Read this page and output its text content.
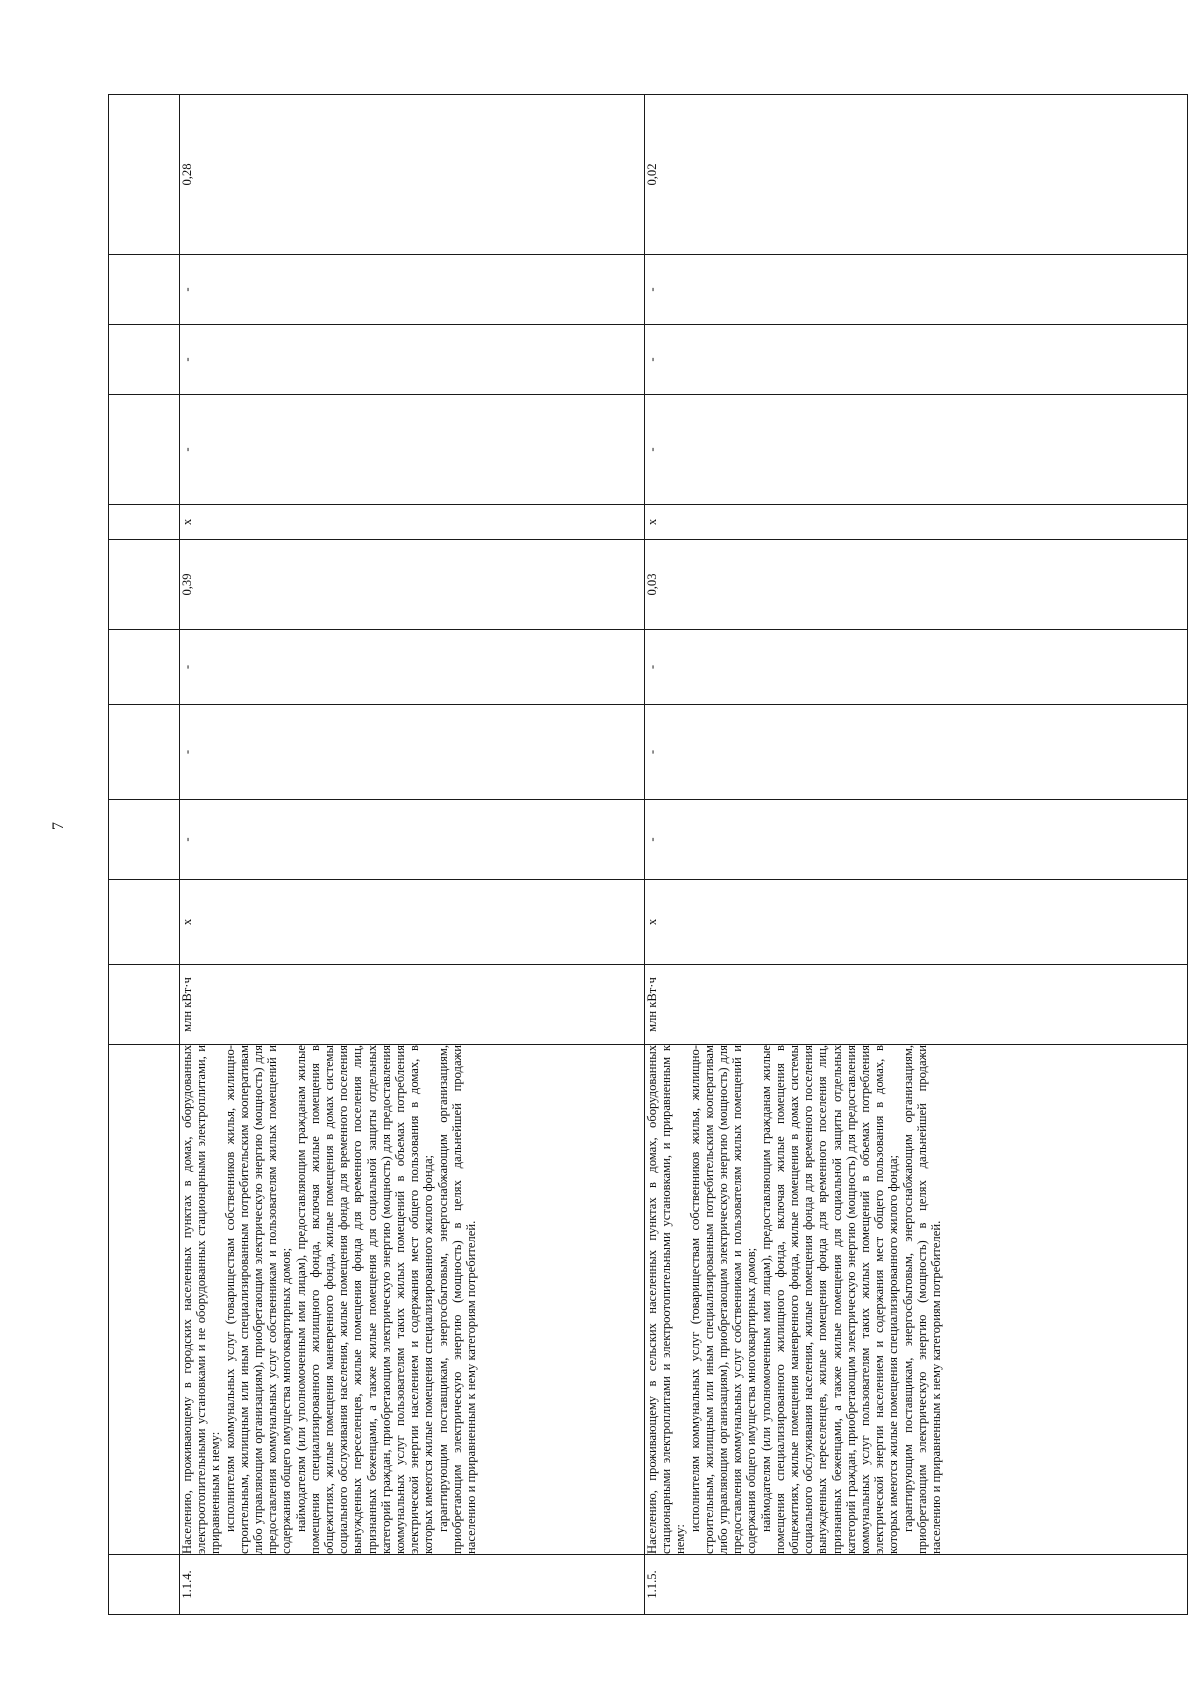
7

1.1.4.	Населению, проживающему в городских населенных пунктах в домах, оборудованных электроотопительными установками и не оборудованных стационарными электроплитами, и приравненным к нему: исполнителям коммунальных услуг (товариществам собственников жилья, жилищно-строительным, жилищным или иным специализированным потребительским кооперативам либо управляющим организациям), приобретающим электрическую энергию (мощность) для предоставления коммунальных услуг собственникам и пользователям жилых помещений и содержания общего имущества многоквартирных домов; наймодателям (или уполномоченным ими лицам), предоставляющим гражданам жилые помещения специализированного жилищного фонда, включая жилые помещения в общежитиях, жилые помещения маневренного фонда, жилые помещения в домах системы социального обслуживания населения, жилые помещения фонда для временного поселения вынужденных переселенцев, жилые помещения фонда для временного поселения лиц, признанных беженцами, а также жилые помещения для социальной защиты отдельных категорий граждан, приобретающим электрическую энергию (мощность) для предоставления коммунальных услуг пользователям таких жилых помещений в объемах потребления электрической энергии населением и содержания мест общего пользования в домах, в которых имеются жилые помещения специализированного жилого фонда; гарантирующим поставщикам, энергосбытовым, энергоснабжающим организациям, приобретающим электрическую энергию (мощность) в целях дальнейшей продажи населению и приравненным к нему категориям потребителей.	млн кВт·ч	x	-	-	-	0,39	x	-	-	-	0,28
1.1.5.	Населению, проживающему в сельских населенных пунктах в домах, оборудованных стационарными электроплитами и электроотопительными установками, и приравненным к нему:

исполнителям коммунальных услуг (товариществам собственников жилья, жилищно-строительным, жилищным или иным специализированным потребительским кооперативам либо управляющим организациям), приобретающим электрическую энергию (мощность) для предоставления коммунальных услуг собственникам и пользователям жилых помещений и содержания общего имущества многоквартирных домов; наймодателям (или уполномоченным ими лицам), предоставляющим гражданам жилые помещения специализированного жилищного фонда, включая жилые помещения в общежитиях, жилые помещения маневренного фонда, жилые помещения в домах системы социального обслуживания населения, жилые помещения фонда для временного поселения вынужденных переселенцев, жилые помещения фонда для временного поселения лиц, признанных беженцами, а также жилые помещения для социальной защиты отдельных категорий граждан, приобретающим электрическую энергию (мощность) для предоставления коммунальных услуг пользователям таких жилых помещений в объемах потребления электрической энергии населением и содержания мест общего пользования в домах, в которых имеются жилые помещения специализированного жилого фонда; гарантирующим поставщикам, энергосбытовым, энергоснабжающим организациям, приобретающим электрическую энергию (мощность) в целях дальнейшей продажи населению и приравненным к нему категориям потребителей.	млн кВт·ч	x	-	-	-	0,03	x	-	-	-	0,02
